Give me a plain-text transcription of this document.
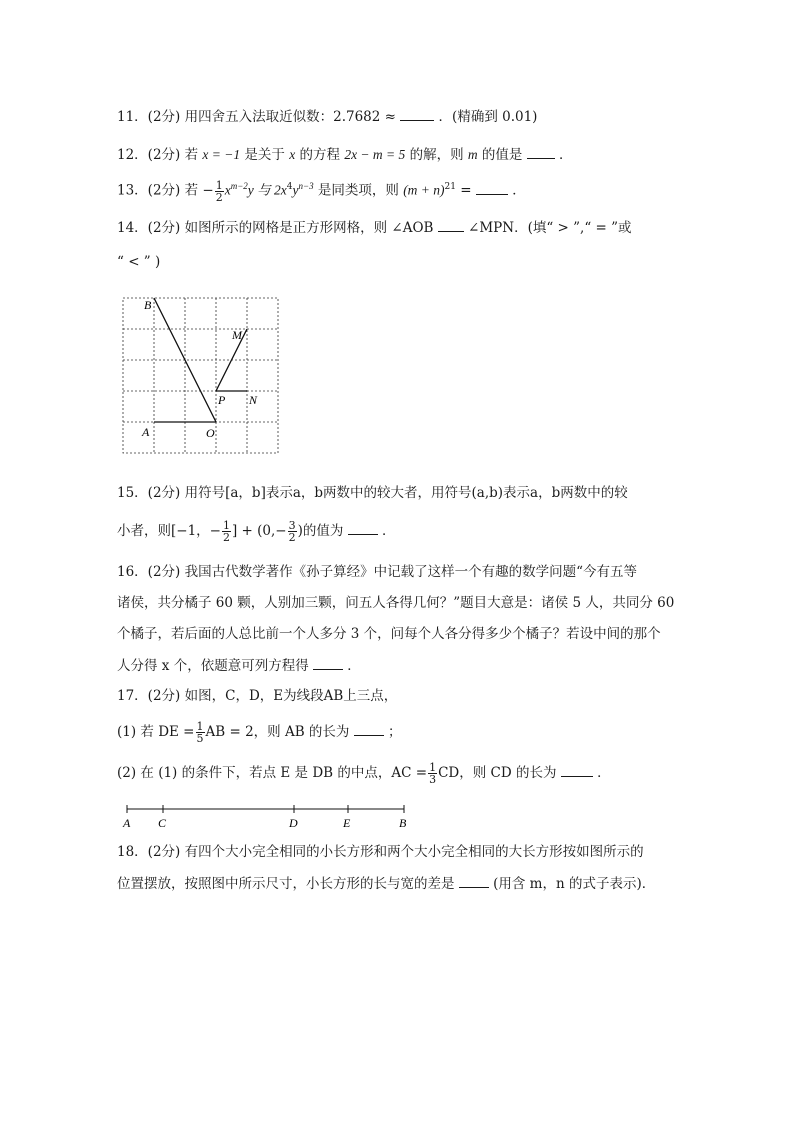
11．(2分) 用四舍五入法取近似数：2.7682 ≈	．(精确到 0.01)
12．(2分) 若 x = −1 是关于 x 的方程 2x − m = 5 的解，则 m 的值是	．
13．(2分) 若 − $\frac{1}{2} x^{m-2}y$ 与 $2x^4y^{n-3}$ 是同类项，则 $(m + n)^{21}$ =	．
14．(2分) 如图所示的网格是正方形网格，则 ∠AOB	∠MPN．(填“ > ”,“ = ”或
“ < ” )
B
M
P N
A	O
15．(2分) 用符号[a，b]表示a，b两数中的较大者，用符号(a,b)表示a，b两数中的较
小者，则[−1，− $\frac{1}{2}$ ] + ($0,- \frac{3}{2}$ )的值为	．
16．(2分) 我国古代数学著作《孙子算经》中记载了这样一个有趣的数学问题“今有五等
诸侯，共分橘子 60 颗，人别加三颗，问五人各得几何？”题目大意是：诸侯 5 人，共同分 60
个橘子，若后面的人总比前一个人多分 3 个，问每个人各分得多少个橘子？若设中间的那个
人分得 x 个，依题意可列方程得	．
17．(2分) 如图，C，D，E为线段AB上三点，
(1) 若 DE = $\frac{1}{5}$ AB = 2，则 AB 的长为	；
(2) 在 (1) 的条件下，若点 E 是 DB 的中点，AC = $\frac{1}{3}$ CD，则 CD 的长为	．
A C	D	E	B
18．(2分) 有四个大小完全相同的小长方形和两个大小完全相同的大长方形按如图所示的
位置摆放，按照图中所示尺寸，小长方形的长与宽的差是	(用含 m，n 的式子表示)．
